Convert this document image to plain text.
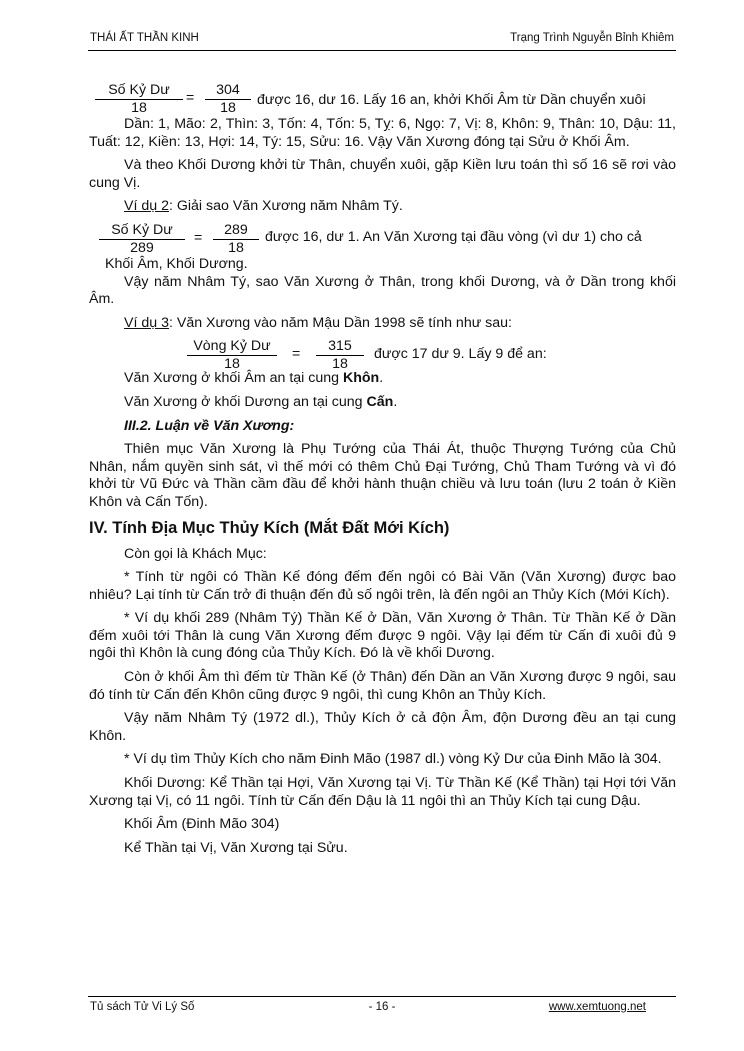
THÁI ẤT THẦN KINH	Trạng Trình Nguyễn Bỉnh Khiêm
$\frac{\text{Số Kỷ Dư}}{18} = \frac{304}{18}$ được 16, dư 16. Lấy 16 an, khởi Khối Âm từ Dần chuyển xuôi

Dần: 1, Mão: 2, Thìn: 3, Tốn: 4, Tốn: 5, Tỵ: 6, Ngọ: 7, Vị: 8, Khôn: 9, Thân: 10, Dậu: 11, Tuất: 12, Kiền: 13, Hợi: 14, Tý: 15, Sửu: 16. Vậy Văn Xương đóng tại Sửu ở Khối Âm.

Và theo Khối Dương khởi từ Thân, chuyển xuôi, gặp Kiền lưu toán thì số 16 sẽ rơi vào cung Vị.

Ví dụ 2: Giải sao Văn Xương năm Nhâm Tý.

$\frac{\text{Số Kỷ Dư}}{289} = \frac{289}{18}$ được 16, dư 1. An Văn Xương tại đầu vòng (vì dư 1) cho cả

Khối Âm, Khối Dương.

Vậy năm Nhâm Tý, sao Văn Xương ở Thân, trong khối Dương, và ở Dần trong khối Âm.

Ví dụ 3: Văn Xương vào năm Mậu Dần 1998 sẽ tính như sau:

Vòng Kỷ Dư
18
= $\frac{315}{18}$ được 17 dư 9. Lấy 9 để an:

Văn Xương ở khối Âm an tại cung Khôn.

Văn Xương ở khối Dương an tại cung Cấn.

III.2. Luận về Văn Xương:

Thiên mục Văn Xương là Phụ Tướng của Thái Át, thuộc Thượng Tướng của Chủ Nhân, nắm quyền sinh sát, vì thế mới có thêm Chủ Đại Tướng, Chủ Tham Tướng và vì đó khởi từ Vũ Đức và Thần cầm đầu để khởi hành thuận chiều và lưu toán (lưu 2 toán ở Kiền Khôn và Cấn Tốn).

IV. Tính Địa Mục Thủy Kích (Mắt Đất Mới Kích)

Còn gọi là Khách Mục:

* Tính từ ngôi có Thần Kế đóng đếm đến ngôi có Bài Văn (Văn Xương) được bao nhiêu? Lại tính từ Cấn trở đi thuận đến đủ số ngôi trên, là đến ngôi an Thủy Kích (Mới Kích).

* Ví dụ khối 289 (Nhâm Tý) Thần Kế ở Dần, Văn Xương ở Thân. Từ Thần Kế ở Dần đếm xuôi tới Thân là cung Văn Xương đếm được 9 ngôi. Vậy lại đếm từ Cấn đi xuôi đủ 9 ngôi thì Khôn là cung đóng của Thủy Kích. Đó là về khối Dương.

Còn ở khối Âm thì đếm từ Thần Kế (ở Thân) đến Dần an Văn Xương được 9 ngôi, sau đó tính từ Cấn đến Khôn cũng được 9 ngôi, thì cung Khôn an Thủy Kích.

Vậy năm Nhâm Tý (1972 dl.), Thủy Kích ở cả độn Âm, độn Dương đều an tại cung Khôn.

* Ví dụ tìm Thủy Kích cho năm Đinh Mão (1987 dl.) vòng Kỷ Dư của Đinh Mão là 304.

Khối Dương: Kể Thần tại Hợi, Văn Xương tại Vị. Từ Thần Kế (Kể Thần) tại Hợi tới Văn Xương tại Vị, có 11 ngôi. Tính từ Cấn đến Dậu là 11 ngôi thì an Thủy Kích tại cung Dậu.

Khối Âm (Đinh Mão 304)

Kể Thần tại Vị, Văn Xương tại Sửu.

Tủ sách Tử Vi Lý Số	- 16 -	www.xemtuong.net
